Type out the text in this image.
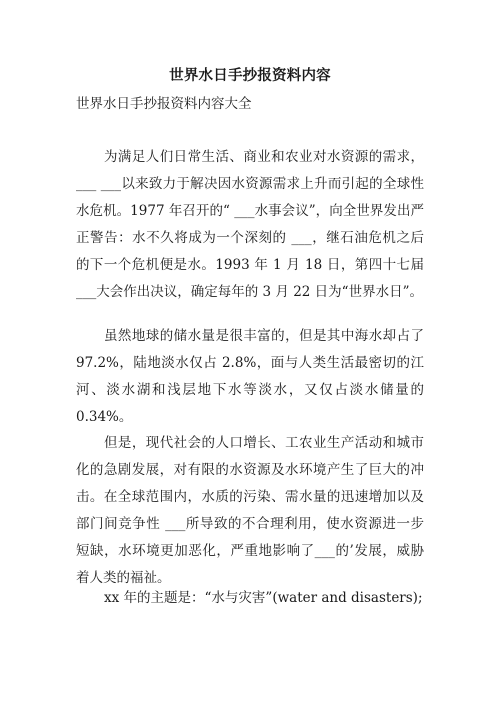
世界水日手抄报资料内容
世界水日手抄报资料内容大全

为满足人们日常生活、商业和农业对水资源的需求， ___ ___以来致力于解决因水资源需求上升而引起的全球性水危机。1977 年召开的“ ___水事会议”，向全世界发出严正警告：水不久将成为一个深刻的 ___，继石油危机之后的下一个危机便是水。1993 年 1 月 18 日，第四十七届 ___大会作出决议，确定每年的 3 月 22 日为“世界水日”。

虽然地球的储水量是很丰富的，但是其中海水却占了 97.2%，陆地淡水仅占 2.8%，面与人类生活最密切的江河、淡水湖和浅层地下水等淡水，又仅占淡水储量的 0.34%。

但是，现代社会的人口增长、工农业生产活动和城市化的急剧发展，对有限的水资源及水环境产生了巨大的冲击。在全球范围内，水质的污染、需水量的迅速增加以及部门间竞争性 ___所导致的不合理利用，使水资源进一步短缺，水环境更加恶化，严重地影响了___的’发展，威胁着人类的福祉。

xx 年的主题是：“水与灾害”(water and disasters);
